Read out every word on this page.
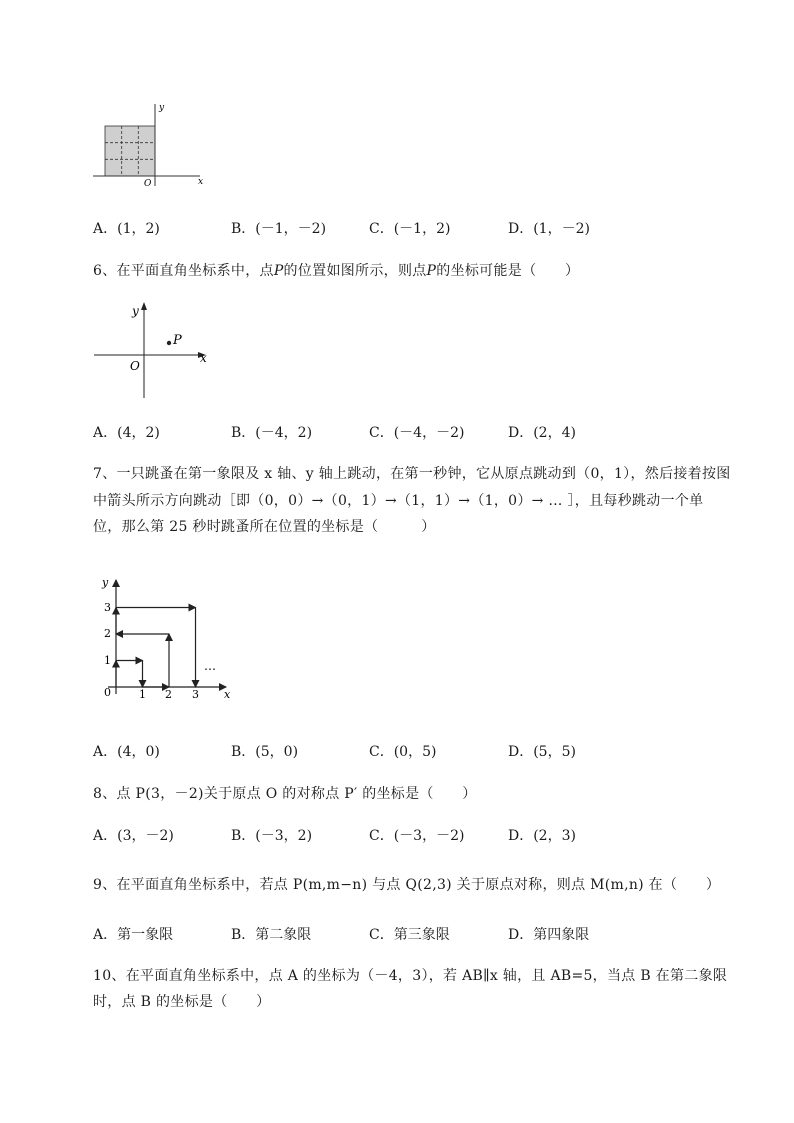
y
x
O
A．(1，2)	B．(－1，－2)	C．(－1，2)	D．(1，－2)
6、在平面直角坐标系中，点P的位置如图所示，则点P的坐标可能是（　　）
P
y
x
O
A．(4，2)	B．(－4，2)	C．(－4，－2)	D．(2，4)
7、一只跳蚤在第一象限及 x 轴、y 轴上跳动，在第一秒钟，它从原点跳动到（0，1），然后接着按图
中箭头所示方向跳动［即（0，0）→（0，1）→（1，1）→（1，0）→ … ］，且每秒跳动一个单
位，那么第 25 秒时跳蚤所在位置的坐标是（　　　）
…
y
x
0	1 2 3
1
2
3
A．(4，0)	B．(5，0)	C．(0，5)	D．(5，5)
8、点 P(3，－2)关于原点 O 的对称点 P′ 的坐标是（　　）
A．(3，－2)	B．(－3，2)	C．(－3，－2)	D．(2，3)
9、在平面直角坐标系中，若点 P(m,m−n) 与点 Q(2,3) 关于原点对称，则点 M(m,n) 在（　　）
A．第一象限	B．第二象限	C．第三象限	D．第四象限
10、在平面直角坐标系中，点 A 的坐标为（－4，3），若 AB∥x 轴，且 AB=5，当点 B 在第二象限
时，点 B 的坐标是（　　）
